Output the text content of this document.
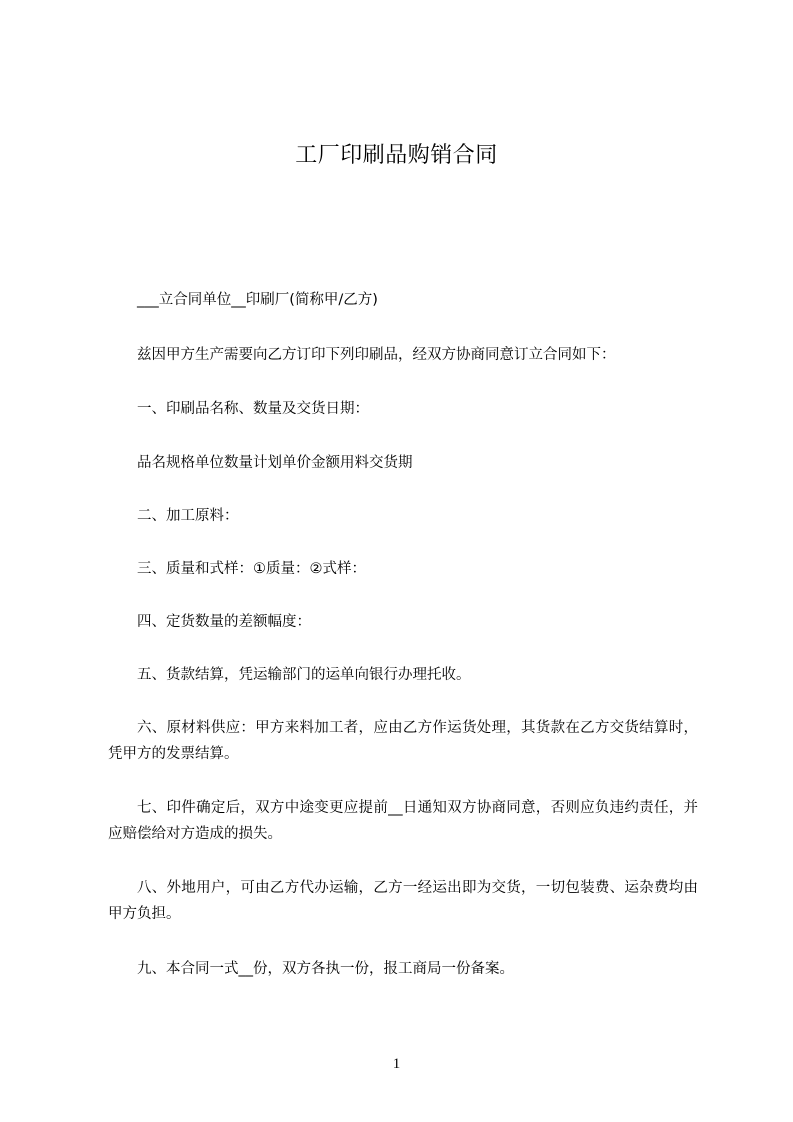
工厂印刷品购销合同

___立合同单位__印刷厂(简称甲/乙方)

兹因甲方生产需要向乙方订印下列印刷品，经双方协商同意订立合同如下：

一、印刷品名称、数量及交货日期：

品名规格单位数量计划单价金额用料交货期

二、加工原料：

三、质量和式样：①质量：②式样：

四、定货数量的差额幅度：

五、货款结算，凭运输部门的运单向银行办理托收。

六、原材料供应：甲方来料加工者，应由乙方作运货处理，其货款在乙方交货结算时，凭甲方的发票结算。

七、印件确定后，双方中途变更应提前__日通知双方协商同意，否则应负违约责任，并应赔偿给对方造成的损失。

八、外地用户，可由乙方代办运输，乙方一经运出即为交货，一切包装费、运杂费均由甲方负担。

九、本合同一式__份，双方各执一份，报工商局一份备案。

1
